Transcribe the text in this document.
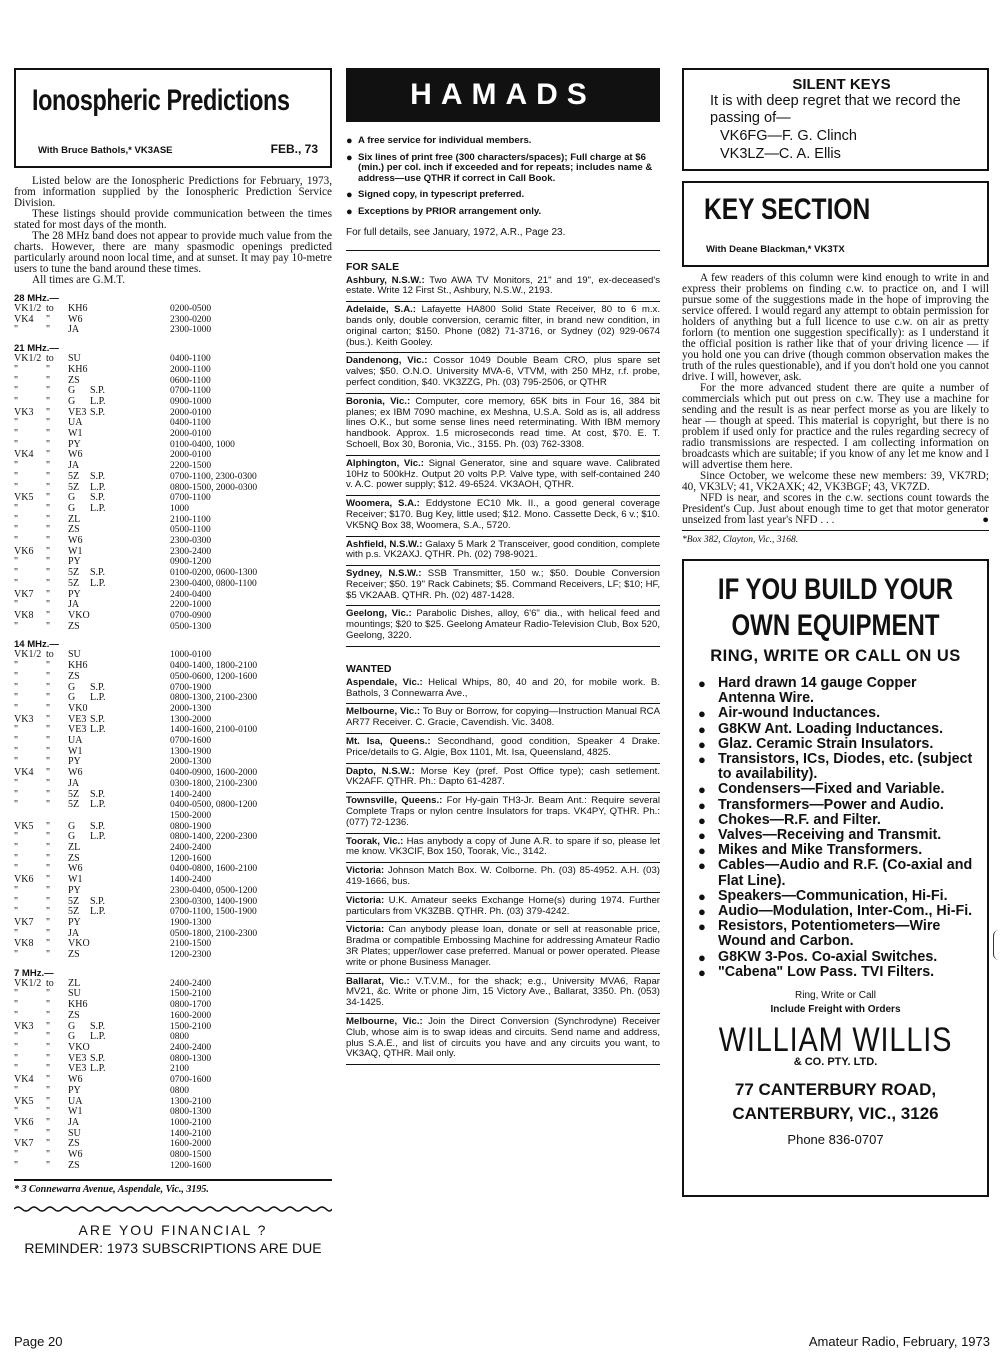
Ionospheric Predictions
With Bruce Bathols,* VK3ASE	FEB., 73

Listed below are the Ionospheric Predictions for February, 1973, from information supplied by the Ionospheric Prediction Service Division.

These listings should provide communication between the times stated for most days of the month.

The 28 MHz band does not appear to provide much value from the charts. However, there are many spasmodic openings predicted particularly around noon local time, and at sunset. It may pay 10-metre users to tune the band around these times.

All times are G.M.T.

28 MHz.—
VK1/2 to	KH6	0200-0500
VK4	"	W6	2300-0200
"	"	JA	2300-1000
21 MHz.—
VK1/2 to	SU	0400-1100
"	"	KH6	2000-1100
"	"	ZS	0600-1100
"	"	G	S.P.	0700-1100
"	"	G	L.P.	0900-1000
VK3	"	VE3 S.P.	2000-0100
"	"	UA	0400-1100
"	"	W1	2000-0100
"	"	PY	0100-0400, 1000
VK4	"	W6	2000-0100
"	"	JA	2200-1500
"	"	5Z	S.P.	0700-1100, 2300-0300
"	"	5Z	L.P.	0800-1500, 2000-0300
VK5	"	G	S.P.	0700-1100
"	"	G	L.P.	1000
"	"	ZL	2100-1100
"	"	ZS	0500-1100
"	"	W6	2300-0300
VK6	"	W1	2300-2400
"	"	PY	0900-1200
"	"	5Z	S.P.	0100-0200, 0600-1300
"	"	5Z	L.P.	2300-0400, 0800-1100
VK7	"	PY	2400-0400
"	"	JA	2200-1000
VK8	"	VKO	0700-0900
"	"	ZS	0500-1300
14 MHz.—
VK1/2 to	SU	1000-0100
"	"	KH6	0400-1400, 1800-2100
"	"	ZS	0500-0600, 1200-1600
"	"	G	S.P.	0700-1900
"	"	G	L.P.	0800-1300, 2100-2300
"	"	VK0	2000-1300
VK3	"	VE3 S.P.	1300-2000
"	"	VE3 L.P.	1400-1600, 2100-0100
"	"	UA	0700-1600
"	"	W1	1300-1900
"	"	PY	2000-1300
VK4	"	W6	0400-0900, 1600-2000
"	"	JA	0300-1800, 2100-2300
"	"	5Z	S.P.	1400-2400
"	"	5Z	L.P.	0400-0500, 0800-1200
1500-2000
VK5	"	G	S.P.	0800-1900
"	"	G	L.P.	0800-1400, 2200-2300
"	"	ZL	2400-2400
"	"	ZS	1200-1600
"	"	W6	0400-0800, 1600-2100
VK6	"	W1	1400-2400
"	"	PY	2300-0400, 0500-1200
"	"	5Z	S.P.	2300-0300, 1400-1900
"	"	5Z	L.P.	0700-1100, 1500-1900
VK7	"	PY	1900-1300
"	"	JA	0500-1800, 2100-2300
VK8	"	VKO	2100-1500
"	"	ZS	1200-2300
7 MHz.—
VK1/2 to	ZL	2400-2400
"	"	SU	1500-2100
"	"	KH6	0800-1700
"	"	ZS	1600-2000
VK3	"	G	S.P.	1500-2100
"	"	G	L.P.	0800
"	"	VKO	2400-2400
"	"	VE3 S.P.	0800-1300
"	"	VE3 L.P.	2100
VK4	"	W6	0700-1600
"	"	PY	0800
VK5	"	UA	1300-2100
"	"	W1	0800-1300
VK6	"	JA	1000-2100
"	"	SU	1400-2100
VK7	"	ZS	1600-2000
"	"	W6	0800-1500
"	"	ZS	1200-1600
* 3 Connewarra Avenue, Aspendale, Vic., 3195.
ARE YOU FINANCIAL ?
REMINDER: 1973 SUBSCRIPTIONS ARE DUE
HAMADS
● A free service for individual members.
● Six lines of print free (300 characters/spaces); Full charge at $6 (min.) per col. inch if exceeded and for repeats; includes name & address—use QTHR if correct in Call Book.
● Signed copy, in typescript preferred.
● Exceptions by PRIOR arrangement only.
For full details, see January, 1972, A.R., Page 23.
FOR SALE
Ashbury, N.S.W.: Two AWA TV Monitors, 21" and 19", ex-deceased's estate. Write 12 First St., Ashbury, N.S.W., 2193.
Adelaide, S.A.: Lafayette HA800 Solid State Receiver, 80 to 6 m.x. bands only, double conversion, ceramic filter, in brand new condition, in original carton; $150. Phone (082) 71-3716, or Sydney (02) 929-0674 (bus.). Keith Gooley.
Dandenong, Vic.: Cossor 1049 Double Beam CRO, plus spare set valves; $50. O.N.O. University MVA-6, VTVM, with 250 MHz, r.f. probe, perfect condition, $40. VK3ZZG, Ph. (03) 795-2506, or QTHR
Boronia, Vic.: Computer, core memory, 65K bits in Four 16, 384 bit planes; ex IBM 7090 machine, ex Meshna, U.S.A. Sold as is, all address lines O.K., but some sense lines need reterminating. With IBM memory handbook. Approx. 1.5 microseconds read time. At cost, $70. E. T. Schoell, Box 30, Boronia, Vic., 3155. Ph. (03) 762-3308.
Alphington, Vic.: Signal Generator, sine and square wave. Calibrated 10Hz to 500kHz. Output 20 volts P.P. Valve type, with self-contained 240 v. A.C. power supply; $12. 49-6524. VK3AOH, QTHR.
Woomera, S.A.: Eddystone EC10 Mk. II., a good general coverage Receiver; $170. Bug Key, little used; $12. Mono. Cassette Deck, 6 v.; $10. VK5NQ Box 38, Woomera, S.A., 5720.
Ashfield, N.S.W.: Galaxy 5 Mark 2 Transceiver, good condition, complete with p.s. VK2AXJ. QTHR. Ph. (02) 798-9021.
Sydney, N.S.W.: SSB Transmitter, 150 w.; $50. Double Conversion Receiver; $50. 19" Rack Cabinets; $5. Command Receivers, LF; $10; HF, $5 VK2AAB. QTHR. Ph. (02) 487-1428.
Geelong, Vic.: Parabolic Dishes, alloy, 6'6" dia., with helical feed and mountings; $20 to $25. Geelong Amateur Radio-Television Club, Box 520, Geelong, 3220.
WANTED
Aspendale, Vic.: Helical Whips, 80, 40 and 20, for mobile work. B. Bathols, 3 Connewarra Ave.,
Melbourne, Vic.: To Buy or Borrow, for copying—Instruction Manual RCA AR77 Receiver. C. Gracie, Cavendish. Vic. 3408.
Mt. Isa, Queens.: Secondhand, good condition, Speaker 4 Drake. Price/details to G. Algie, Box 1101, Mt. Isa, Queensland, 4825.
Dapto, N.S.W.: Morse Key (pref. Post Office type); cash setlement. VK2AFF. QTHR. Ph.: Dapto 61-4287.
Townsville, Queens.: For Hy-gain TH3-Jr. Beam Ant.: Require several Complete Traps or nylon centre Insulators for traps. VK4PY, QTHR. Ph.: (077) 72-1236.
Toorak, Vic.: Has anybody a copy of June A.R. to spare if so, please let me know. VK3CIF, Box 150, Toorak, Vic., 3142.
Victoria: Johnson Match Box. W. Colborne. Ph. (03) 85-4952. A.H. (03) 419-1666, bus.
Victoria: U.K. Amateur seeks Exchange Home(s) during 1974. Further particulars from VK3ZBB. QTHR. Ph. (03) 379-4242.
Victoria: Can anybody please loan, donate or sell at reasonable price, Bradma or compatible Embossing Machine for addressing Amateur Radio 3R Plates; upper/lower case preferred. Manual or power operated. Please write or phone Business Manager.
Ballarat, Vic.: V.T.V.M., for the shack; e.g., University MVA6, Rapar MV21, &c. Write or phone Jim, 15 Victory Ave., Ballarat, 3350. Ph. (053) 34-1425.
Melbourne, Vic.: Join the Direct Conversion (Synchrodyne) Receiver Club, whose aim is to swap ideas and circuits. Send name and address, plus S.A.E., and list of circuits you have and any circuits you want, to VK3AQ, QTHR. Mail only.
SILENT KEYS
It is with deep regret that we record the passing of—
VK6FG—F. G. Clinch
VK3LZ—C. A. Ellis
KEY SECTION
With Deane Blackman,* VK3TX

A few readers of this column were kind enough to write in and express their problems on finding c.w. to practice on, and I will pursue some of the suggestions made in the hope of improving the service offered. I would regard any attempt to obtain permission for holders of anything but a full licence to use c.w. on air as pretty forlorn (to mention one suggestion specifically): as I understand it the official position is rather like that of your driving licence — if you hold one you can drive (though common observation makes the truth of the rules questionable), and if you don't hold one you cannot drive. I will, however, ask.

For the more advanced student there are quite a number of commercials which put out press on c.w. They use a machine for sending and the result is as near perfect morse as you are likely to hear — though at speed. This material is copyright, but there is no problem if used only for practice and the rules regarding secrecy of radio transmissions are respected. I am collecting information on broadcasts which are suitable; if you know of any let me know and I will advertise them here.

Since October, we welcome these new members: 39, VK7RD; 40, VK3LV; 41, VK2AXK; 42, VK3BGF; 43, VK7ZD.

NFD is near, and scores in the c.w. sections count towards the President's Cup. Just about enough time to get that motor generator unseized from last year's NFD . . .	●

*Box 382, Clayton, Vic., 3168.
IF YOU BUILD YOUR
OWN EQUIPMENT
RING, WRITE OR CALL ON US
● Hard drawn 14 gauge Copper Antenna Wire.
● Air-wound Inductances.
● G8KW Ant. Loading Inductances.
● Glaz. Ceramic Strain Insulators.
● Transistors, ICs, Diodes, etc. (subject to availability).
● Condensers—Fixed and Variable.
● Transformers—Power and Audio.
● Chokes—R.F. and Filter.
● Valves—Receiving and Transmit.
● Mikes and Mike Transformers.
● Cables—Audio and R.F. (Co-axial and Flat Line).
● Speakers—Communication, Hi-Fi.
● Audio—Modulation, Inter-Com., Hi-Fi.
● Resistors, Potentiometers—Wire Wound and Carbon.
● G8KW 3-Pos. Co-axial Switches.
● "Cabena" Low Pass. TVI Filters.
Ring, Write or Call
Include Freight with Orders
WILLIAM WILLIS
& CO. PTY. LTD.
77 CANTERBURY ROAD,
CANTERBURY, VIC., 3126
Phone 836-0707
Page 20	Amateur Radio, February, 1973
